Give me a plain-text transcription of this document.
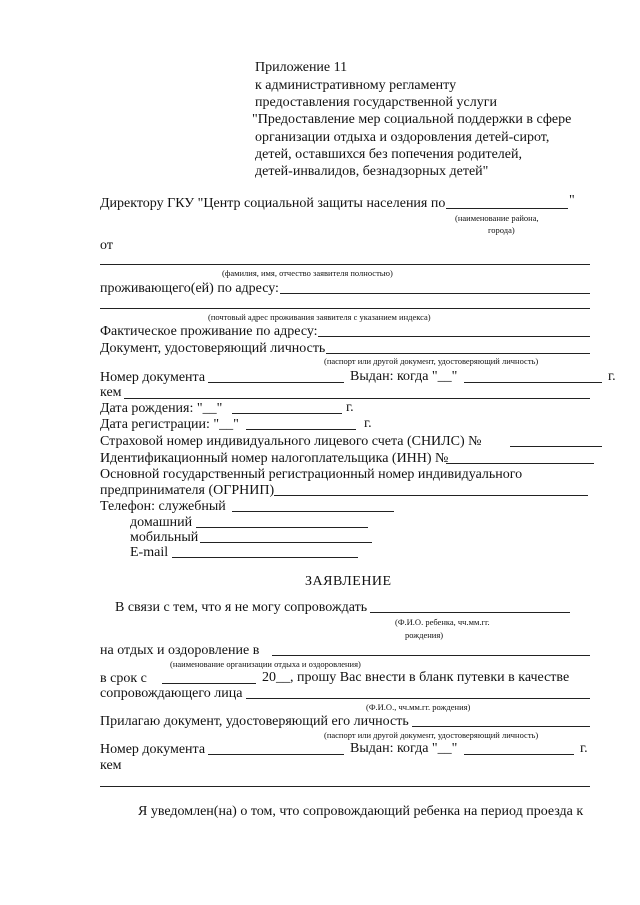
Приложение 11
к административному регламенту
предоставления государственной услуги
"Предоставление мер социальной поддержки в сфере
организации отдыха и оздоровления детей-сирот,
детей, оставшихся без попечения родителей,
детей-инвалидов, безнадзорных детей"
Директору ГКУ "Центр социальной защиты населения по	"
(наименование района,
города)
от
(фамилия, имя, отчество заявителя полностью)
проживающего(ей) по адресу:
(почтовый адрес проживания заявителя с указанием индекса)
Фактическое проживание по адресу:
Документ, удостоверяющий личность
(паспорт или другой документ, удостоверяющий личность)
Номер документа	Выдан: когда "__"	г.
кем
Дата рождения: "__"	г.
Дата регистрации: "__"	г.
Страховой номер индивидуального лицевого счета (СНИЛС) №
Идентификационный номер налогоплательщика (ИНН) №
Основной государственный регистрационный номер индивидуального
предпринимателя (ОГРНИП)
Телефон: служебный
домашний
мобильный
E-mail
ЗАЯВЛЕНИЕ
В связи с тем, что я не могу сопровождать
(Ф.И.О. ребенка, чч.мм.гг.
рождения)
на отдых и оздоровление в
(наименование организации отдыха и оздоровления)
в срок с	20__, прошу Вас внести в бланк путевки в качестве
сопровождающего лица
(Ф.И.О., чч.мм.гг. рождения)
Прилагаю документ, удостоверяющий его личность
(паспорт или другой документ, удостоверяющий личность)
Номер документа	Выдан: когда "__"	г.
кем
Я уведомлен(на) о том, что сопровождающий ребенка на период проезда к
